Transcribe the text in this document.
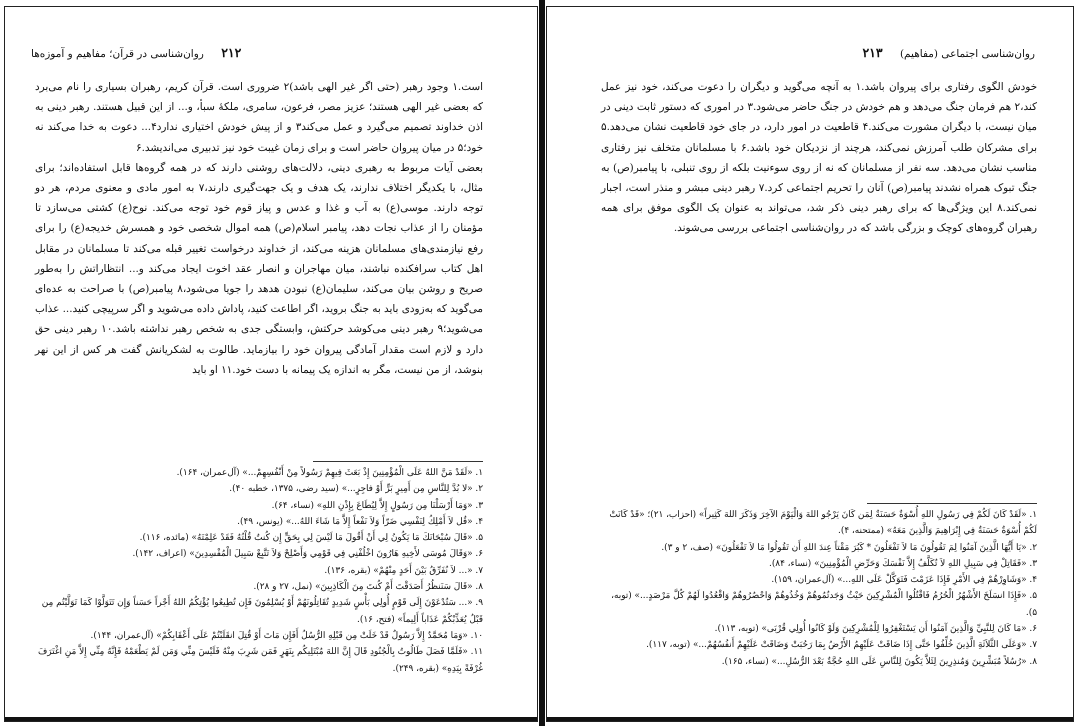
۲۱۲ روان‌شناسی در قرآن؛ مفاهیم و آموزه‌ها

است.۱ وجود رهبر (حتی اگر غیر الهی باشد)۲ ضروری است. قرآن کریم، رهبران بسیاری را نام می‌برد که بعضی غیر الهی هستند؛ عزیز مصر، فرعون، سامری، ملکهٔ سبأ، و... از این قبیل هستند. رهبر دینی به اذن خداوند تصمیم می‌گیرد و عمل می‌کند۳ و از پیش خودش اختیاری ندارد۴... دعوت به خدا می‌کند نه خود؛۵ در میان پیروان حاضر است و برای زمان غیبت خود نیز تدبیری می‌اندیشد.۶

بعضی آیات مربوط به رهبری دینی، دلالت‌های روشنی دارند که در همه گروه‌ها قابل استفاده‌اند؛ برای مثال، با یکدیگر اختلاف ندارند، یک هدف و یک جهت‌گیری دارند،۷ به امور مادی و معنوی مردم، هر دو توجه دارند. موسی(ع) به آب و غذا و عدس و پیاز قوم خود توجه می‌کند. نوح(ع) کشتی می‌سازد تا مؤمنان را از عذاب نجات دهد، پیامبر اسلام(ص) همه اموال شخصی خود و همسرش خدیجه(ع) را برای رفع نیازمندی‌های مسلمانان هزینه می‌کند، از خداوند درخواست تغییر قبله می‌کند تا مسلمانان در مقابل اهل کتاب سرافکنده نباشند، میان مهاجران و انصار عقد اخوت ایجاد می‌کند و... انتظاراتش را به‌طور صریح و روشن بیان می‌کند، سلیمان(ع) نبودن هدهد را جویا می‌شود،۸ پیامبر(ص) با صراحت به عده‌ای می‌گوید که به‌زودی باید به جنگ بروید، اگر اطاعت کنید، پاداش داده می‌شوید و اگر سرپیچی کنید... عذاب می‌شوید؛۹ رهبر دینی می‌کوشد حرکتش، وابستگی جدی به شخص رهبر نداشته باشد.۱۰ رهبر دینی حق دارد و لازم است مقدار آمادگی پیروان خود را بیازماید. طالوت به لشکریانش گفت هر کس از این نهر بنوشد، از من نیست، مگر به اندازه یک پیمانه با دست خود.۱۱ او باید

۱. «لَقَدْ مَنَّ اللهُ عَلَى الْمُؤْمِنِينَ إِذْ بَعَثَ فِيهِمْ رَسُولاً مِنْ أَنْفُسِهِمْ...» (آل‌عمران، ۱۶۴).
۲. «لا بُدَّ لِلنَّاسِ مِن أَمِيرٍ بَرٍّ أَوْ فاجِرٍ...» (سید رضی، ۱۳۷۵، خطبه ۴۰).
۳. «وَمَا أَرْسَلْنَا مِن رَسُولٍ إِلاَّ لِيُطَاعَ بِإِذْنِ اللهِ» (نساء، ۶۴).
۴. «قُل لاَ أَمْلِكُ لِنَفْسِي ضَرّاً وَلاَ نَفْعاً إِلاَّ مَا شَاءَ اللهُ...» (یونس، ۴۹).
۵. «قَالَ سُبْحَانَكَ مَا يَكُونُ لِي أَنْ أَقُولَ مَا لَيْسَ لِي بِحَقٍّ إِن كُنتُ قُلْتُهُ فَقَدْ عَلِمْتَهُ» (مائده، ۱۱۶).
۶. «وَقَالَ مُوسَى لأَخِيهِ هَارُونَ اخْلُفْنِي فِي قَوْمِي وَأَصْلِحْ وَلاَ تَتَّبِعْ سَبِيلَ الْمُفْسِدِينَ» (اعراف، ۱۴۲).
۷. «... لاَ نُفَرِّقُ بَيْنَ أَحَدٍ مِنْهُمْ» (بقره، ۱۳۶).
۸. «قَالَ سَنَنظُرُ أَصَدَقْتَ أَمْ كُنتَ مِنَ الْكَاذِبِينَ» (نمل، ۲۷ و ۲۸).
۹. «... سَتُدْعَوْنَ إِلَى قَوْمٍ أُولِي بَأْسٍ شَدِيدٍ تُقَاتِلُونَهُمْ أَوْ يُسْلِمُونَ فَإِن تُطِيعُوا يُؤْتِكُمُ اللهُ أَجْراً حَسَناً وَإِن تَتَوَلَّوْا كَمَا تَوَلَّيْتُم مِن قَبْلُ يُعَذِّبْكُمْ عَذَاباً أَلِيماً» (فتح، ۱۶).
۱۰. «وَمَا مُحَمَّدٌ إِلاَّ رَسُولٌ قَدْ خَلَتْ مِن قَبْلِهِ الرُّسُلُ أَفَإِن مَاتَ أَوْ قُتِلَ انقَلَبْتُمْ عَلَى أَعْقَابِكُمْ» (آل‌عمران، ۱۴۴).
۱۱. «فَلَمَّا فَصَلَ طَالُوتُ بِالْجُنُودِ قَالَ إِنَّ اللهَ مُبْتَلِيكُم بِنَهَرٍ فَمَن شَرِبَ مِنْهُ فَلَيْسَ مِنِّي وَمَن لَمْ يَطْعَمْهُ فَإِنَّهُ مِنِّي إِلاَّ مَنِ اغْتَرَفَ غُرْفَةً بِيَدِهِ» (بقره، ۲۴۹).
روان‌شناسی اجتماعی (مفاهیم) ۲۱۳

خودش الگوی رفتاری برای پیروان باشد.۱ به آنچه می‌گوید و دیگران را دعوت می‌کند، خود نیز عمل کند،۲ هم فرمان جنگ می‌دهد و هم خودش در جنگ حاضر می‌شود.۳ در اموری که دستور ثابت دینی در میان نیست، با دیگران مشورت می‌کند.۴ قاطعیت در امور دارد، در جای خود قاطعیت نشان می‌دهد.۵ برای مشرکان طلب آمرزش نمی‌کند، هرچند از نزدیکان خود باشد.۶ با مسلمانان متخلف نیز رفتاری مناسب نشان می‌دهد. سه نفر از مسلمانان که نه از روی سوء‌نیت بلکه از روی تنبلی، با پیامبر(ص) به جنگ تبوک همراه نشدند پیامبر(ص) آنان را تحریم اجتماعی کرد.۷ رهبر دینی مبشر و منذر است، اجبار نمی‌کند.۸ این ویژگی‌ها که برای رهبر دینی ذکر شد، می‌تواند به عنوان یک الگوی موفق برای همه رهبران گروه‌های کوچک و بزرگی باشد که در روان‌شناسی اجتماعی بررسی می‌شوند.

۱. «لَقَدْ كَانَ لَكُمْ فِي رَسُولِ اللهِ أُسْوَةٌ حَسَنَةٌ لِمَن كَانَ يَرْجُو اللهَ وَالْيَوْمَ الآخِرَ وَذَكَرَ اللهَ كَثِيراً» (احزاب، ۲۱)؛ «قَدْ كَانَتْ لَكُمْ أُسْوَةٌ حَسَنَةٌ فِي إِبْرَاهِيمَ وَالَّذِينَ مَعَهُ» (ممتحنه، ۴).
۲. «يَا أَيُّهَا الَّذِينَ آمَنُوا لِمَ تَقُولُونَ مَا لاَ تَفْعَلُونَ * كَبُرَ مَقْتاً عِندَ اللهِ أَن تَقُولُوا مَا لاَ تَفْعَلُونَ» (صف، ۲ و ۳).
۳. «فَقَاتِلْ فِي سَبِيلِ اللهِ لاَ تُكَلَّفُ إِلاَّ نَفْسَكَ وَحَرِّضِ الْمُؤْمِنِينَ» (نساء، ۸۴).
۴. «وَشَاوِرْهُمْ فِي الأَمْرِ فَإِذَا عَزَمْتَ فَتَوَكَّلْ عَلَى اللهِ...» (آل‌عمران، ۱۵۹).
۵. «فَإِذَا انسَلَخَ الأَشْهُرُ الْحُرُمُ فَاقْتُلُوا الْمُشْرِكِينَ حَيْثُ وَجَدتُمُوهُمْ وَخُذُوهُمْ وَاحْصُرُوهُمْ وَاقْعُدُوا لَهُمْ كُلَّ مَرْصَدٍ...» (توبه، ۵).
۶. «مَا كَانَ لِلنَّبِيِّ وَالَّذِينَ آمَنُوا أَن يَسْتَغْفِرُوا لِلْمُشْرِكِينَ وَلَوْ كَانُوا أُولِي قُرْبَى» (توبه، ۱۱۳).
۷. «وَعَلَى الثَّلاَثَةِ الَّذِينَ خُلِّفُوا حَتَّى إِذَا ضَاقَتْ عَلَيْهِمُ الأَرْضُ بِمَا رَحُبَتْ وَضَاقَتْ عَلَيْهِمْ أَنفُسُهُمْ...» (توبه، ۱۱۷).
۸. «رُسُلاً مُبَشِّرِينَ وَمُنذِرِينَ لِئَلاَّ يَكُونَ لِلنَّاسِ عَلَى اللهِ حُجَّةٌ بَعْدَ الرُّسُلِ...» (نساء، ۱۶۵).
